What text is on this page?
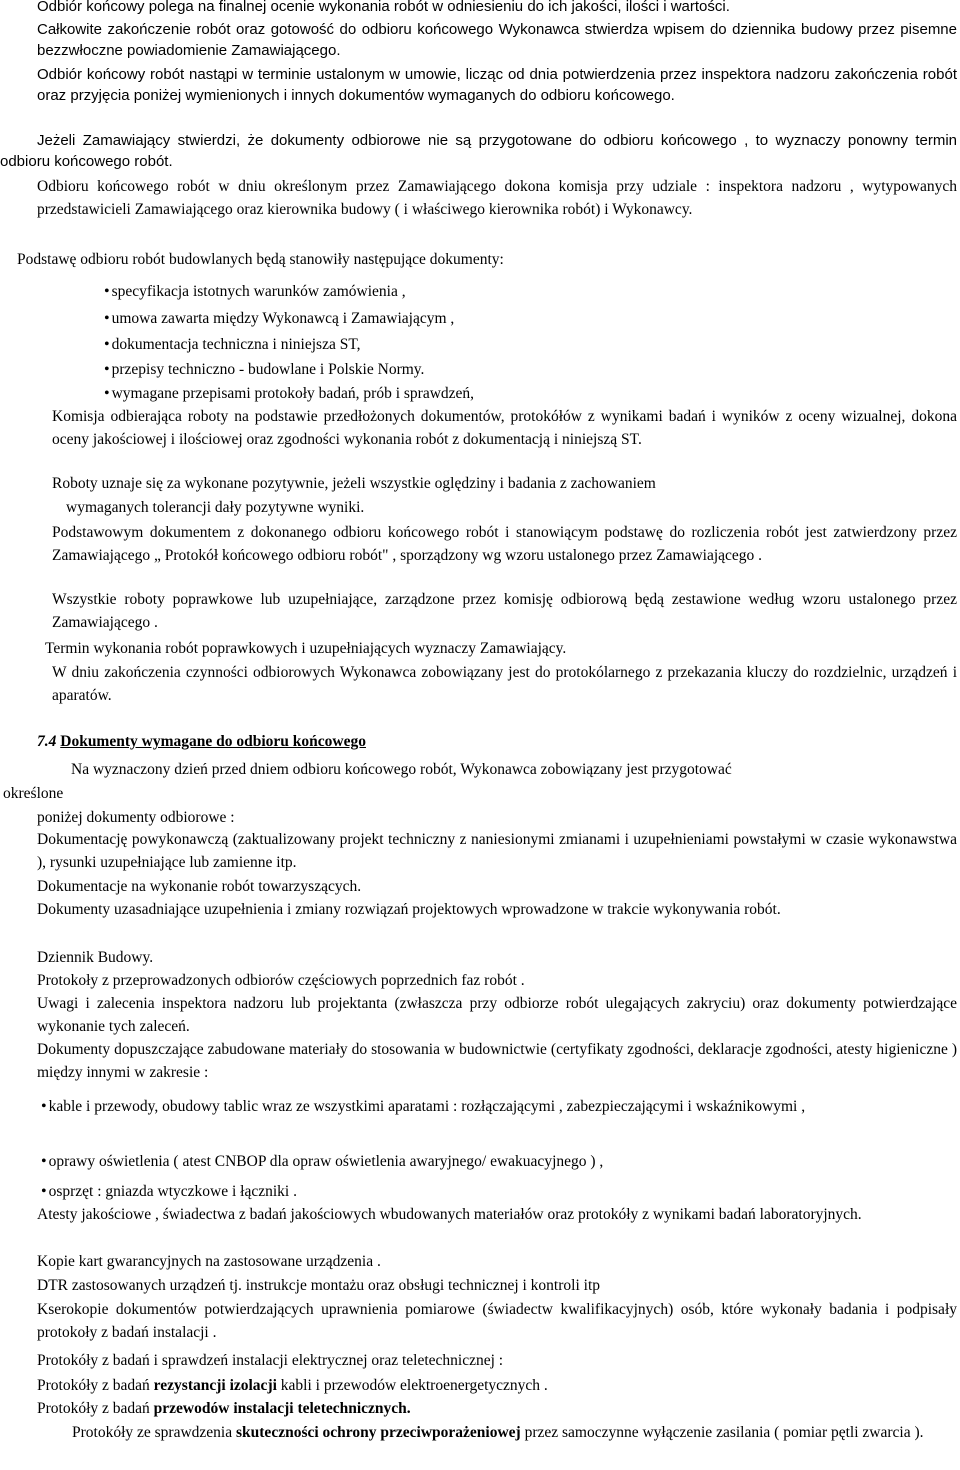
Odbiór końcowy polega na finalnej ocenie wykonania robót w odniesieniu do ich jakości, ilości i wartości.

Całkowite zakończenie robót oraz gotowość do odbioru końcowego Wykonawca stwierdza wpisem do dziennika budowy przez pisemne bezzwłoczne powiadomienie Zamawiającego.

Odbiór końcowy robót nastąpi w terminie ustalonym w umowie, licząc od dnia potwierdzenia przez inspektora nadzoru zakończenia robót oraz przyjęcia poniżej wymienionych i innych dokumentów wymaganych do odbioru końcowego.

Jeżeli Zamawiający stwierdzi, że dokumenty odbiorowe nie są przygotowane do odbioru końcowego , to wyznaczy ponowny termin odbioru końcowego robót.

Odbioru końcowego robót w dniu określonym przez Zamawiającego dokona komisja przy udziale : inspektora nadzoru , wytypowanych przedstawicieli Zamawiającego oraz kierownika budowy ( i właściwego kierownika robót) i Wykonawcy.

Podstawę odbioru robót budowlanych będą stanowiły następujące dokumenty:

• specyfikacja istotnych warunków zamówienia ,
• umowa zawarta między Wykonawcą i Zamawiającym ,
• dokumentacja techniczna i niniejsza ST,
• przepisy techniczno - budowlane i Polskie Normy.
• wymagane przepisami protokoły badań, prób i sprawdzeń,

Komisja odbierająca roboty na podstawie przedłożonych dokumentów, protokółów z wynikami badań i wyników z oceny wizualnej, dokona oceny jakościowej i ilościowej oraz zgodności wykonania robót z dokumentacją i niniejszą ST.

Roboty uznaje się za wykonane pozytywnie, jeżeli wszystkie oględziny i badania z zachowaniem

wymaganych tolerancji dały pozytywne wyniki.

Podstawowym dokumentem z dokonanego odbioru końcowego robót i stanowiącym podstawę do rozliczenia robót jest zatwierdzony przez Zamawiającego „ Protokół końcowego odbioru robót" , sporządzony wg wzoru ustalonego przez Zamawiającego .

Wszystkie roboty poprawkowe lub uzupełniające, zarządzone przez komisję odbiorową będą zestawione według wzoru ustalonego przez Zamawiającego .

Termin wykonania robót poprawkowych i uzupełniających wyznaczy Zamawiający.

W dniu zakończenia czynności odbiorowych Wykonawca zobowiązany jest do protokólarnego z przekazania kluczy do rozdzielnic, urządzeń i aparatów.

7.4 Dokumenty wymagane do odbioru końcowego

Na wyznaczony dzień przed dniem odbioru końcowego robót, Wykonawca zobowiązany jest przygotować

określone

poniżej dokumenty odbiorowe :

Dokumentację powykonawczą (zaktualizowany projekt techniczny z naniesionymi zmianami i uzupełnieniami powstałymi w czasie wykonawstwa ), rysunki uzupełniające lub zamienne itp.

Dokumentacje na wykonanie robót towarzyszących.

Dokumenty uzasadniające uzupełnienia i zmiany rozwiązań projektowych wprowadzone w trakcie wykonywania robót.

Dziennik Budowy.

Protokoły z przeprowadzonych odbiorów częściowych poprzednich faz robót .

Uwagi i zalecenia inspektora nadzoru lub projektanta (zwłaszcza przy odbiorze robót ulegających zakryciu) oraz dokumenty potwierdzające wykonanie tych zaleceń.

Dokumenty dopuszczające zabudowane materiały do stosowania w budownictwie (certyfikaty zgodności, deklaracje zgodności, atesty higieniczne ) między innymi w zakresie :

• kable i przewody, obudowy tablic wraz ze wszystkimi aparatami : rozłączającymi , zabezpieczającymi i wskaźnikowymi ,
• oprawy oświetlenia ( atest CNBOP dla opraw oświetlenia awaryjnego/ ewakuacyjnego ) ,
• osprzęt : gniazda wtyczkowe i łączniki .

Atesty jakościowe , świadectwa z badań jakościowych wbudowanych materiałów oraz protokóły z wynikami badań laboratoryjnych.

Kopie kart gwarancyjnych na zastosowane urządzenia .

DTR zastosowanych urządzeń tj. instrukcje montażu oraz obsługi technicznej i kontroli itp

Kserokopie dokumentów potwierdzających uprawnienia pomiarowe (świadectw kwalifikacyjnych) osób, które wykonały badania i podpisały protokoły z badań instalacji .

Protokóły z badań i sprawdzeń instalacji elektrycznej oraz teletechnicznej :

Protokóły z badań rezystancji izolacji kabli i przewodów elektroenergetycznych .

Protokóły z badań przewodów instalacji teletechnicznych.

Protokóły ze sprawdzenia skuteczności ochrony przeciwporażeniowej przez samoczynne wyłączenie zasilania ( pomiar pętli zwarcia ).
